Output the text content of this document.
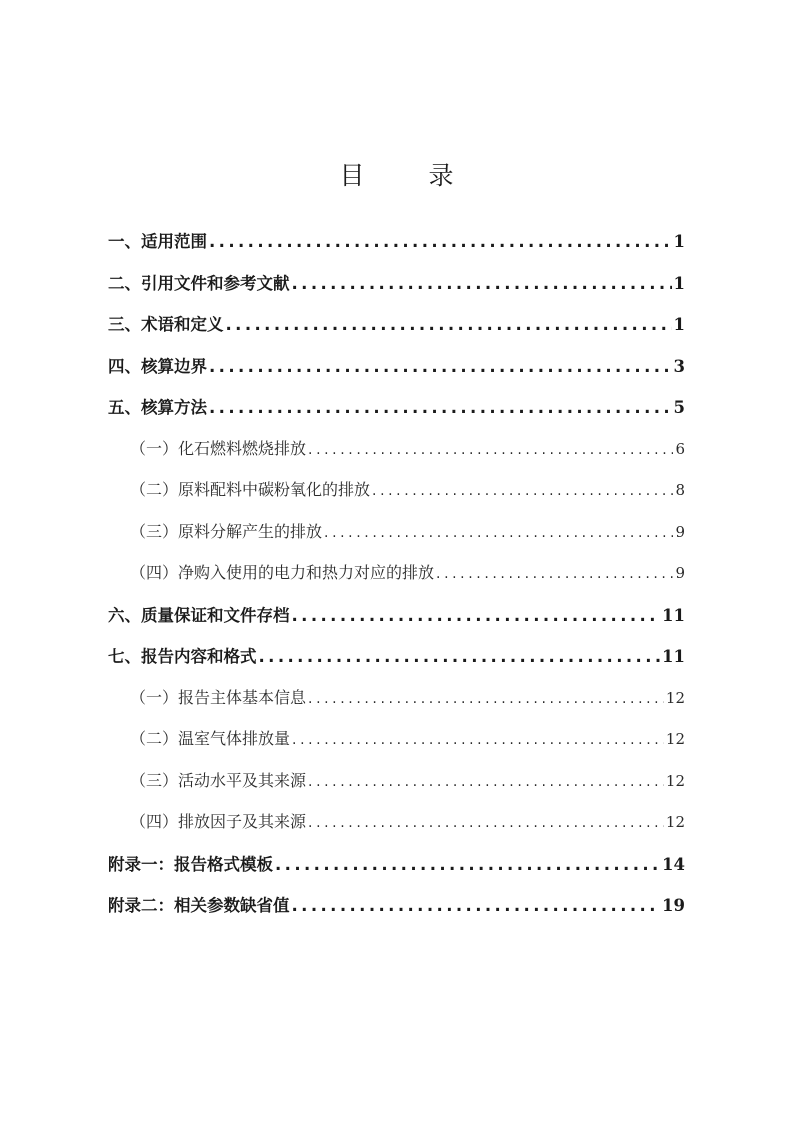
目 录
一、适用范围 .....	1
二、引用文件和参考文献 .....	1
三、术语和定义 .....	1
四、核算边界 .....	3
五、核算方法 .....	5
（一）化石燃料燃烧排放 .....	6
（二）原料配料中碳粉氧化的排放 .....	8
（三）原料分解产生的排放 .....	9
（四）净购入使用的电力和热力对应的排放 .....	9
六、质量保证和文件存档 .....	11
七、报告内容和格式 .....	11
（一）报告主体基本信息 .....	12
（二）温室气体排放量 .....	12
（三）活动水平及其来源 .....	12
（四）排放因子及其来源 .....	12
附录一：报告格式模板 .....	14
附录二：相关参数缺省值 .....	19
